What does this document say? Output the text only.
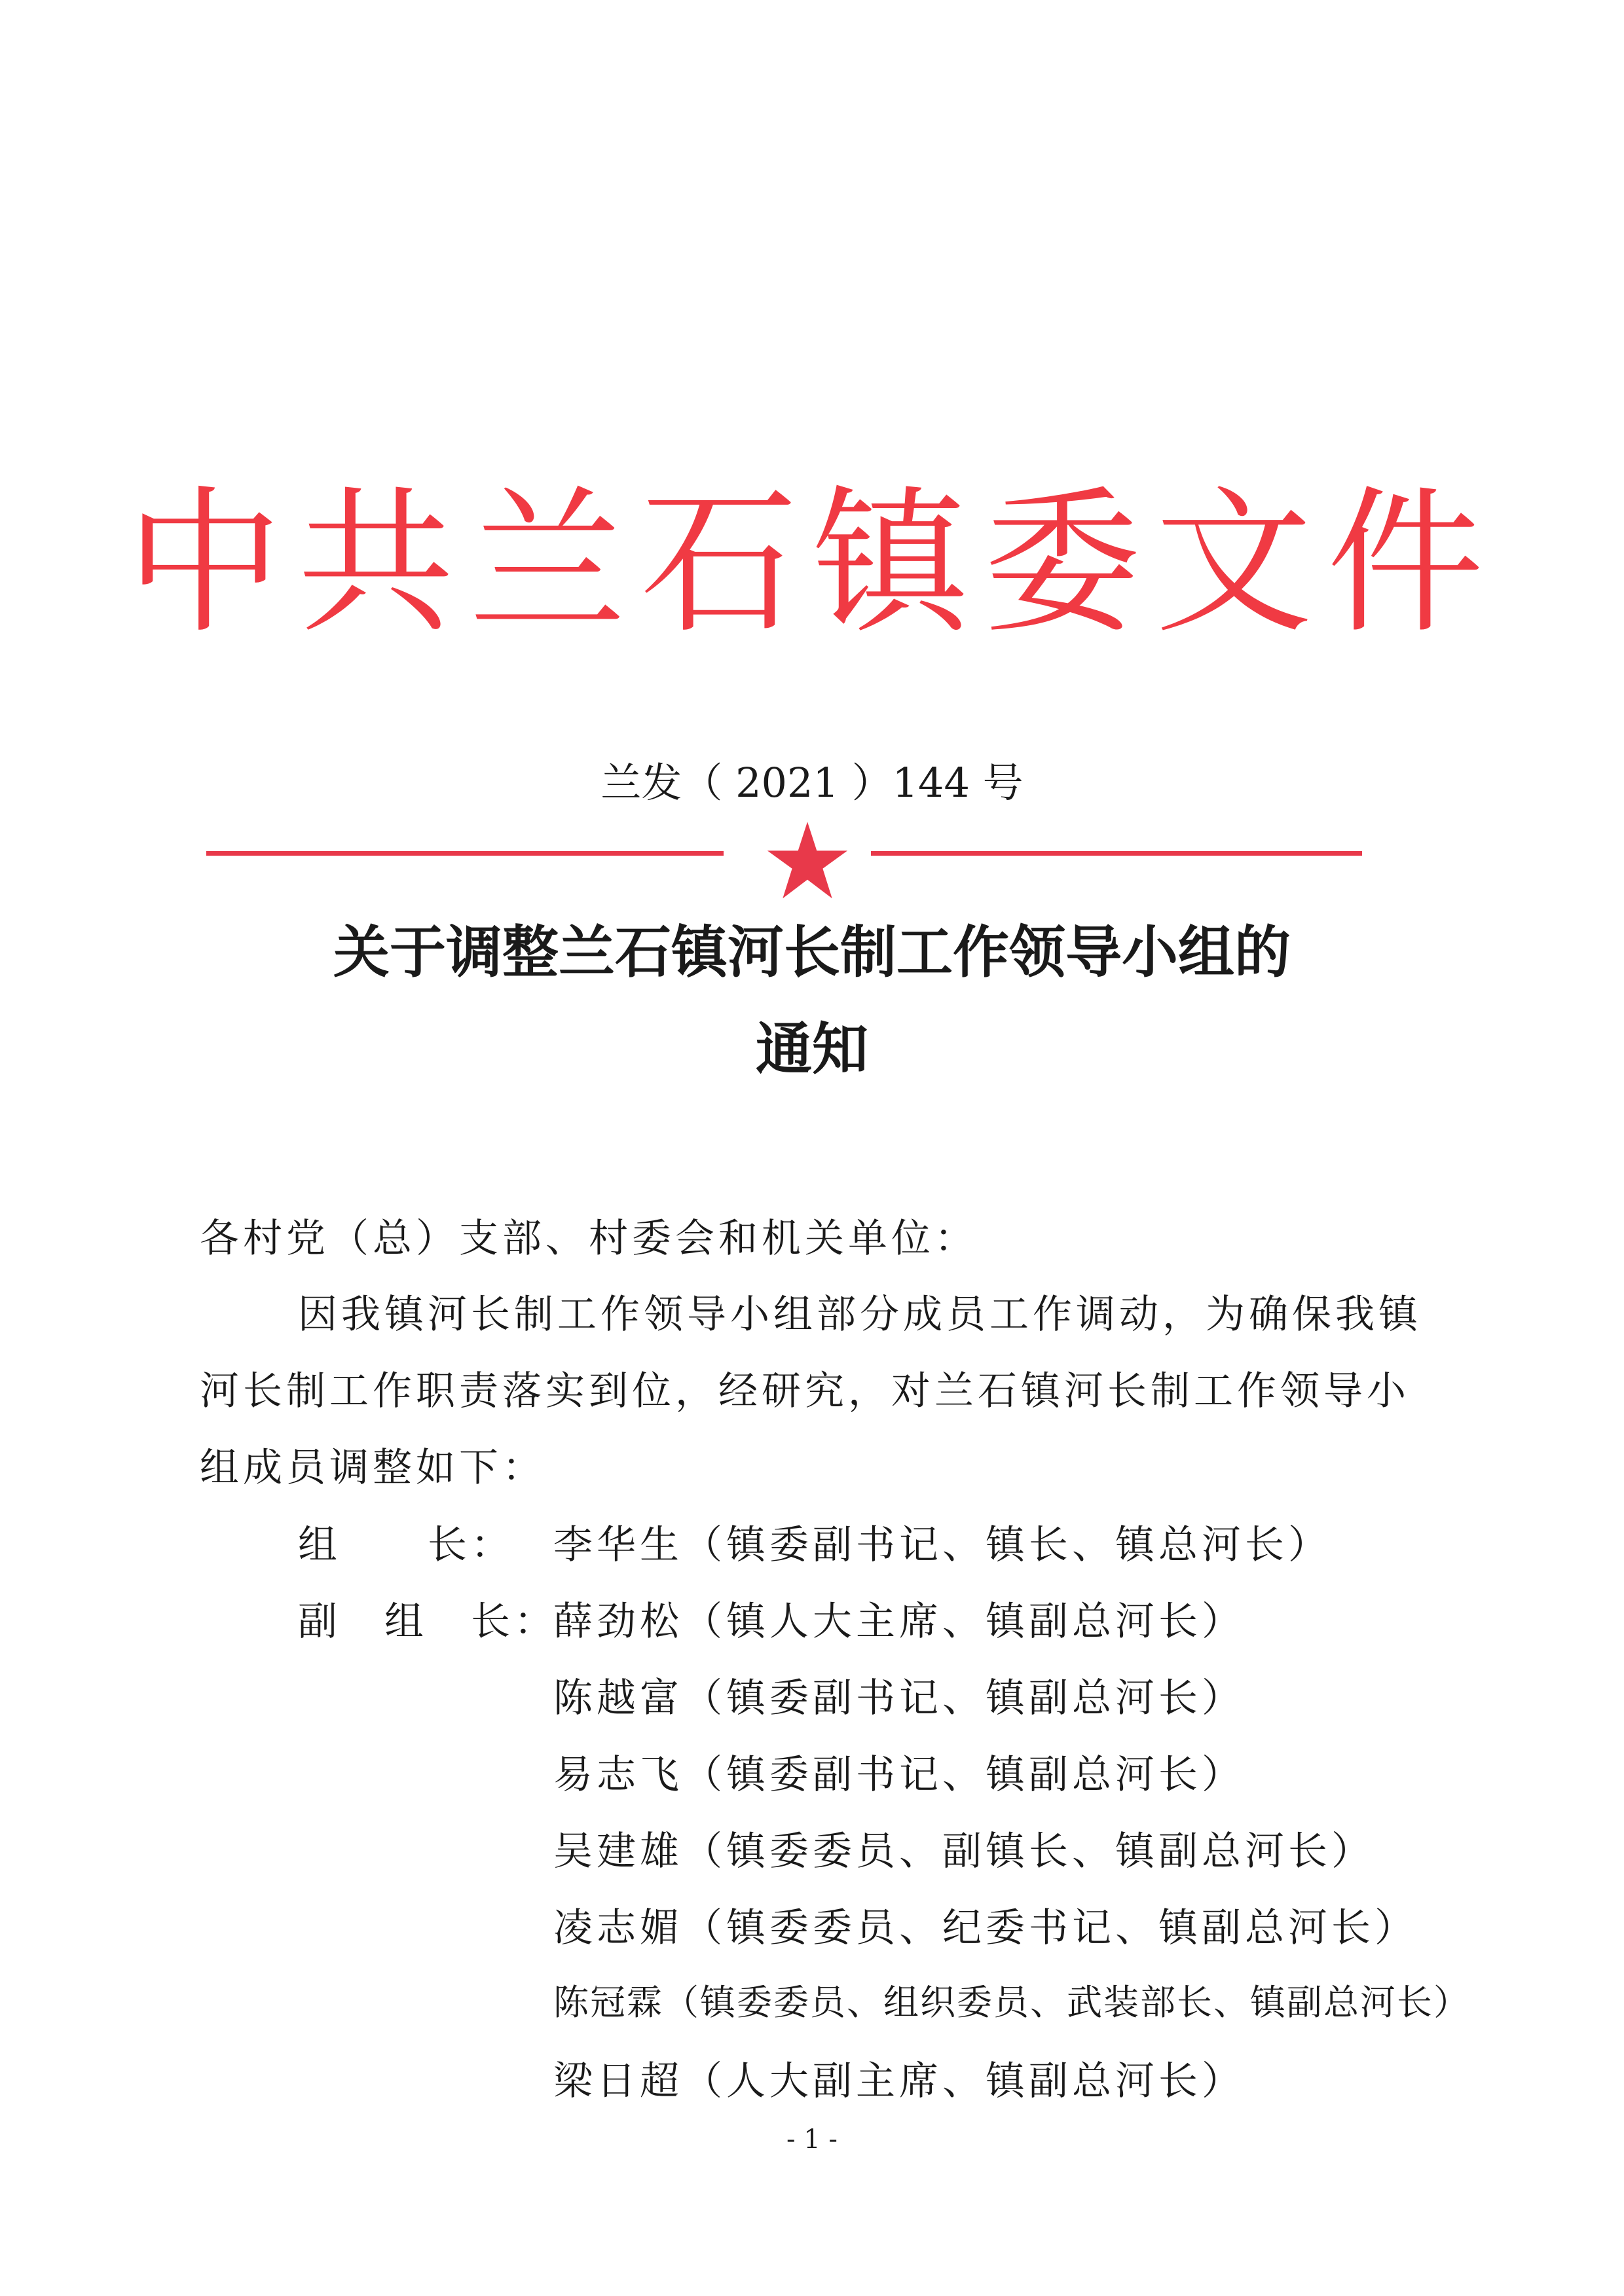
中共兰石镇委文件
兰发（ 2021 ）144 号
关于调整兰石镇河长制工作领导小组的
通知
各村党（总）支部、村委会和机关单位：
因我镇河长制工作领导小组部分成员工作调动，为确保我镇
河长制工作职责落实到位，经研究，对兰石镇河长制工作领导小
组成员调整如下：
组　　长： 李华生（镇委副书记、镇长、镇总河长）
副　组　长：
薛劲松（镇人大主席、镇副总河长）
陈越富（镇委副书记、镇副总河长）
易志飞（镇委副书记、镇副总河长）
吴建雄（镇委委员、副镇长、镇副总河长）
凌志媚（镇委委员、纪委书记、镇副总河长）
陈冠霖（镇委委员、组织委员、武装部长、镇副总河长）
梁日超（人大副主席、镇副总河长）
- 1 -
